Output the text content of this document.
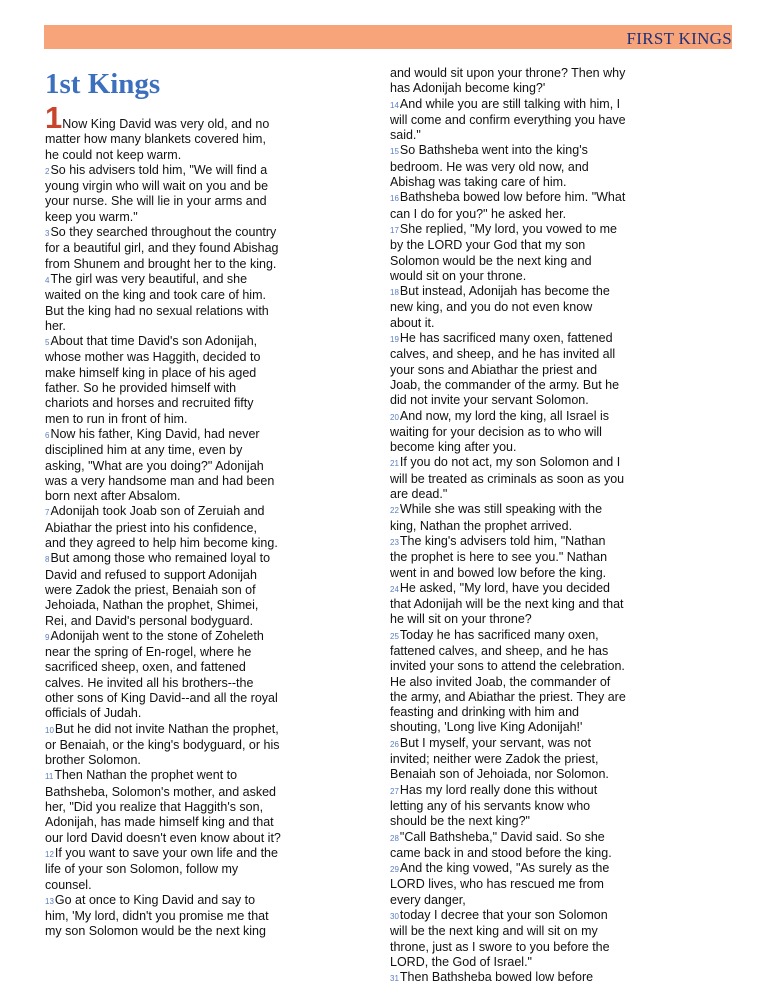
FIRST KINGS
1st Kings
1Now King David was very old, and no matter how many blankets covered him, he could not keep warm.
2So his advisers told him, "We will find a young virgin who will wait on you and be your nurse. She will lie in your arms and keep you warm."
3So they searched throughout the country for a beautiful girl, and they found Abishag from Shunem and brought her to the king.
4The girl was very beautiful, and she waited on the king and took care of him. But the king had no sexual relations with her.
5About that time David's son Adonijah, whose mother was Haggith, decided to make himself king in place of his aged father. So he provided himself with chariots and horses and recruited fifty men to run in front of him.
6Now his father, King David, had never disciplined him at any time, even by asking, "What are you doing?" Adonijah was a very handsome man and had been born next after Absalom.
7Adonijah took Joab son of Zeruiah and Abiathar the priest into his confidence, and they agreed to help him become king.
8But among those who remained loyal to David and refused to support Adonijah were Zadok the priest, Benaiah son of Jehoiada, Nathan the prophet, Shimei, Rei, and David's personal bodyguard.
9Adonijah went to the stone of Zoheleth near the spring of En-rogel, where he sacrificed sheep, oxen, and fattened calves. He invited all his brothers--the other sons of King David--and all the royal officials of Judah.
10But he did not invite Nathan the prophet, or Benaiah, or the king's bodyguard, or his brother Solomon.
11Then Nathan the prophet went to Bathsheba, Solomon's mother, and asked her, "Did you realize that Haggith's son, Adonijah, has made himself king and that our lord David doesn't even know about it?
12If you want to save your own life and the life of your son Solomon, follow my counsel.
13Go at once to King David and say to him, 'My lord, didn't you promise me that my son Solomon would be the next king
and would sit upon your throne? Then why has Adonijah become king?'
14And while you are still talking with him, I will come and confirm everything you have said."
15So Bathsheba went into the king's bedroom. He was very old now, and Abishag was taking care of him.
16Bathsheba bowed low before him. "What can I do for you?" he asked her.
17She replied, "My lord, you vowed to me by the LORD your God that my son Solomon would be the next king and would sit on your throne.
18But instead, Adonijah has become the new king, and you do not even know about it.
19He has sacrificed many oxen, fattened calves, and sheep, and he has invited all your sons and Abiathar the priest and Joab, the commander of the army. But he did not invite your servant Solomon.
20And now, my lord the king, all Israel is waiting for your decision as to who will become king after you.
21If you do not act, my son Solomon and I will be treated as criminals as soon as you are dead."
22While she was still speaking with the king, Nathan the prophet arrived.
23The king's advisers told him, "Nathan the prophet is here to see you." Nathan went in and bowed low before the king.
24He asked, "My lord, have you decided that Adonijah will be the next king and that he will sit on your throne?
25Today he has sacrificed many oxen, fattened calves, and sheep, and he has invited your sons to attend the celebration. He also invited Joab, the commander of the army, and Abiathar the priest. They are feasting and drinking with him and shouting, 'Long live King Adonijah!'
26But I myself, your servant, was not invited; neither were Zadok the priest, Benaiah son of Jehoiada, nor Solomon.
27Has my lord really done this without letting any of his servants know who should be the next king?"
28"Call Bathsheba," David said. So she came back in and stood before the king.
29And the king vowed, "As surely as the LORD lives, who has rescued me from every danger,
30today I decree that your son Solomon will be the next king and will sit on my throne, just as I swore to you before the LORD, the God of Israel."
31Then Bathsheba bowed low before
